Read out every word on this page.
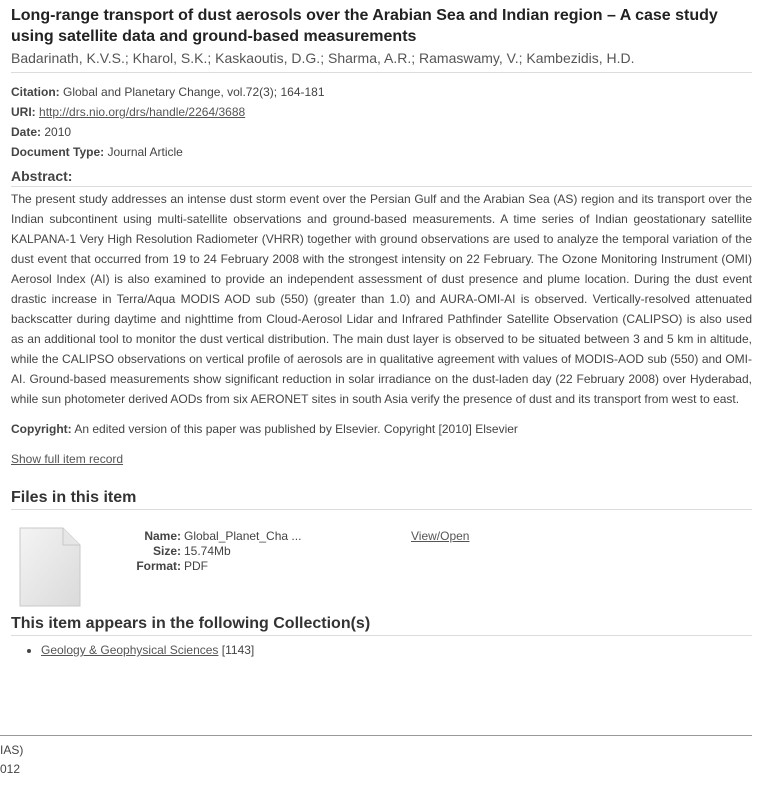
Long-range transport of dust aerosols over the Arabian Sea and Indian region – A case study using satellite data and ground-based measurements
Badarinath, K.V.S.; Kharol, S.K.; Kaskaoutis, D.G.; Sharma, A.R.; Ramaswamy, V.; Kambezidis, H.D.
Citation: Global and Planetary Change, vol.72(3); 164-181
URI: http://drs.nio.org/drs/handle/2264/3688
Date: 2010
Document Type: Journal Article
Abstract:

The present study addresses an intense dust storm event over the Persian Gulf and the Arabian Sea (AS) region and its transport over the Indian subcontinent using multi-satellite observations and ground-based measurements. A time series of Indian geostationary satellite KALPANA-1 Very High Resolution Radiometer (VHRR) together with ground observations are used to analyze the temporal variation of the dust event that occurred from 19 to 24 February 2008 with the strongest intensity on 22 February. The Ozone Monitoring Instrument (OMI) Aerosol Index (AI) is also examined to provide an independent assessment of dust presence and plume location. During the dust event drastic increase in Terra/Aqua MODIS AOD sub (550) (greater than 1.0) and AURA-OMI-AI is observed. Vertically-resolved attenuated backscatter during daytime and nighttime from Cloud-Aerosol Lidar and Infrared Pathfinder Satellite Observation (CALIPSO) is also used as an additional tool to monitor the dust vertical distribution. The main dust layer is observed to be situated between 3 and 5 km in altitude, while the CALIPSO observations on vertical profile of aerosols are in qualitative agreement with values of MODIS-AOD sub (550) and OMI-AI. Ground-based measurements show significant reduction in solar irradiance on the dust-laden day (22 February 2008) over Hyderabad, while sun photometer derived AODs from six AERONET sites in south Asia verify the presence of dust and its transport from west to east.

Copyright: An edited version of this paper was published by Elsevier. Copyright [2010] Elsevier
Show full item record
Files in this item
Name: Global_Planet_Cha ...
Size: 15.74Mb
Format: PDF
View/Open
This item appears in the following Collection(s)
• Geology & Geophysical Sciences [1143]
IAS)
012
